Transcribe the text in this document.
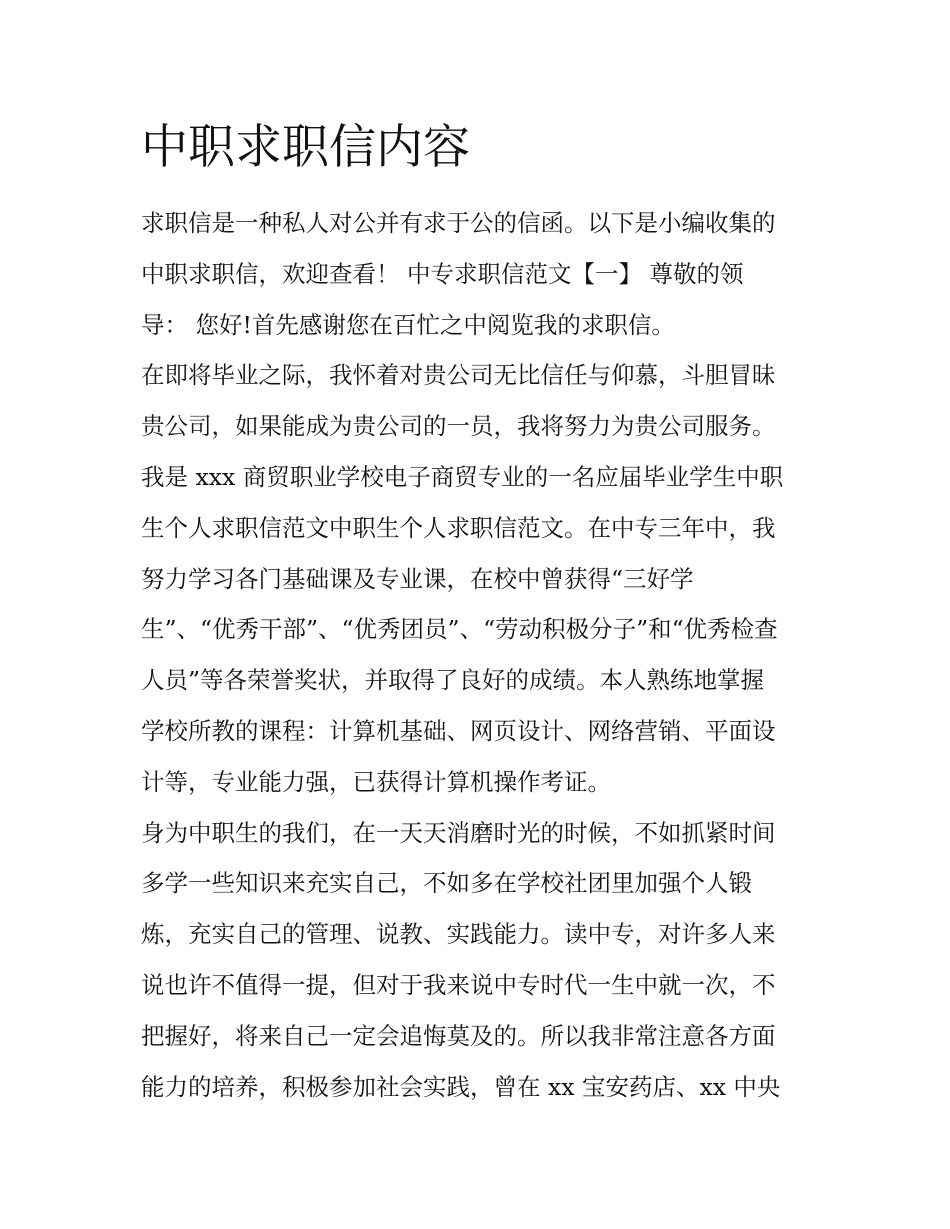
中职求职信内容
求职信是一种私人对公并有求于公的信函。以下是小编收集的
中职求职信，欢迎查看！ 中专求职信范文【一】 尊敬的领
导： 您好!首先感谢您在百忙之中阅览我的求职信。
在即将毕业之际，我怀着对贵公司无比信任与仰慕，斗胆冒昧
贵公司，如果能成为贵公司的一员，我将努力为贵公司服务。
我是 xxx 商贸职业学校电子商贸专业的一名应届毕业学生中职
生个人求职信范文中职生个人求职信范文。在中专三年中，我
努力学习各门基础课及专业课，在校中曾获得“三好学
生”、“优秀干部”、“优秀团员”、“劳动积极分子”和“优秀检查
人员”等各荣誉奖状，并取得了良好的成绩。本人熟练地掌握
学校所教的课程：计算机基础、网页设计、网络营销、平面设
计等，专业能力强，已获得计算机操作考证。
身为中职生的我们，在一天天消磨时光的时候，不如抓紧时间
多学一些知识来充实自己，不如多在学校社团里加强个人锻
炼，充实自己的管理、说教、实践能力。读中专，对许多人来
说也许不值得一提，但对于我来说中专时代一生中就一次，不
把握好，将来自己一定会追悔莫及的。所以我非常注意各方面
能力的培养，积极参加社会实践，曾在 xx 宝安药店、xx 中央
